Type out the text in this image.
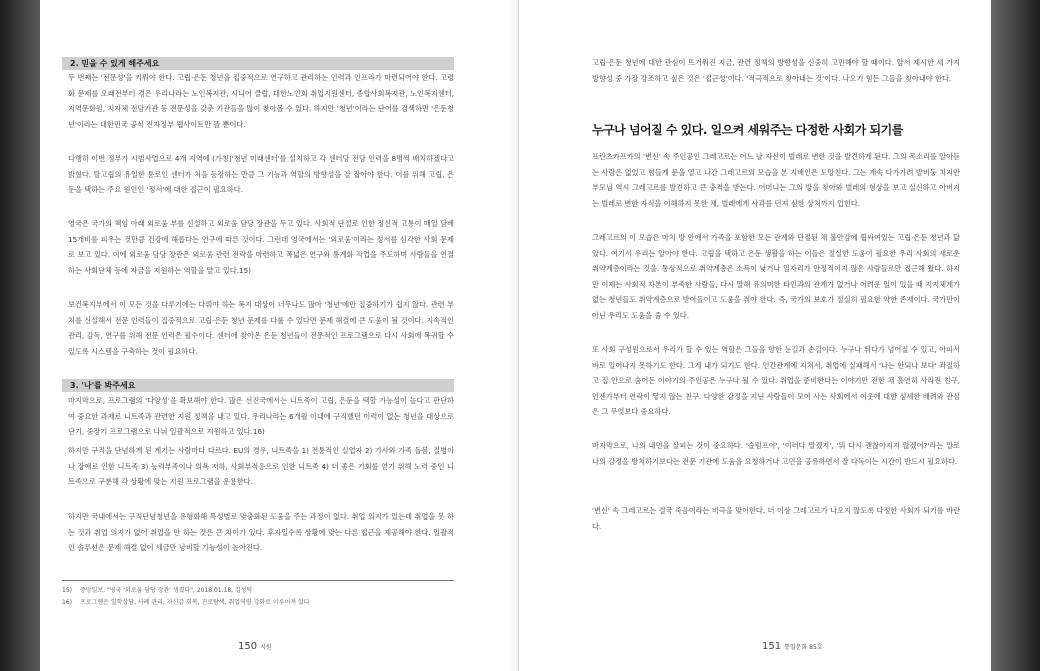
2. 믿을 수 있게 해주세요

두 번째는 '전문성'을 키워야 한다. 고립·은둔 청년을 집중적으로 연구하고 관리하는 인력과 인프라가 마련되어야 한다. 고령화 문제를 오래전부터 겪은 우리나라는 노인복지관, 시니어 클럽, 대한노인회 취업지원센터, 종합사회복지관, 노인복지센터, 지역문화원, 지자체 전담기관 등 전문성을 갖춘 기관들을 많이 찾아볼 수 있다. 하지만 '청년'이라는 단어를 검색하면 '은둔청년'이라는 대한민국 공식 전자정부 웹사이트만 뜰 뿐이다.

다행히 이번 정부가 시범사업으로 4개 지역에 (가칭)'청년 미래센터'를 설치하고 각 센터당 전담 인력을 8명씩 배치하겠다고 밝혔다. 탈고립의 유일한 통로인 센터가 처음 등장하는 만큼 그 기능과 역할의 방향성을 잘 잡아야 한다. 이를 위해 고립, 은둔을 택하는 주요 원인인 '정서'에 대한 접근이 필요하다.

영국은 국가의 책임 아래 외로움 부를 신설하고 외로움 담당 장관을 두고 있다. 사회적 단절로 인한 정신적 고통이 매일 담배 15개비를 피우는 것만큼 건강에 해롭다는 연구에 따른 것이다. 그런데 영국에서는 '외로움'이라는 정서를 심각한 사회 문제로 보고 있다. 이에 외로움 담당 장관은 외로움 관련 전략을 마련하고 폭넓은 연구와 통계화 작업을 주도하며 사람들을 연결하는 사회단체 등에 자금을 지원하는 역할을 맡고 있다.15)

보건복지부에서 이 모든 것을 다루기에는 다뤄야 하는 복지 대상이 너무나도 많아 '청년'에만 집중하기가 쉽지 않다. 관련 부처를 신설해서 전문 인력들이 집중적으로 고립·은둔 청년 문제를 다룰 수 있다면 문제 해결에 큰 도움이 될 것이다. 지속적인 관리, 감독, 연구를 위해 전문 인력은 필수이다. 센터에 찾아온 은둔 청년들이 전문적인 프로그램으로 다시 사회에 복귀할 수 있도록 시스템을 구축하는 것이 필요하다.

3. '나'를 봐주세요

마지막으로, 프로그램의 '다양성'을 확보해야 한다. 많은 선진국에서는 니트족이 고립, 은둔을 택할 가능성이 높다고 판단하여 중요한 과제로 니트족과 관련한 지원 정책을 내고 있다. 우리나라는 6개월 이내에 구직했던 이력이 없는 청년을 대상으로 단기, 중장기 프로그램으로 나눠 일괄적으로 지원하고 있다.16)

하지만 구직을 단념하게 된 계기는 사람마다 다르다. EU의 경우, 니트족을 1) 전통적인 실업자 2) 가사와 가족 돌봄, 질병이나 장애로 인한 니트족 3) 능력부족이나 의욕 저하, 사회부적응으로 인한 니트족 4) 더 좋은 기회를 얻기 위해 노력 중인 니트족으로 구분해 각 상황에 맞는 지원 프로그램을 운용한다.

하지만 국내에서는 구직단념청년을 유형화해 특성별로 맞춤화된 도움을 주는 과정이 없다. 취업 의지가 있는데 취업을 못 하는 것과 취업 의지가 없어 취업을 안 하는 것은 큰 차이가 있다. 후자일수록 상황에 맞는 다른 접근을 제공해야 한다. 일괄적인 솔루션은 문제 해결 없이 세금만 낭비할 가능성이 높아진다.

15) 중앙일보, "영국 '외로움 담당 장관' 생겼다", 2018.01.18, 김성탁
16) 프로그램은 일학상담, 사례 관리, 자신감 회복, 진로탐색, 취업역량 강화로 이루어져 있다
150 시원

고립·은둔 청년에 대한 관심이 뜨거워진 지금, 관련 정책의 방향성을 신중히 고민해야 할 때이다. 앞서 제시한 세 가지 방향성 중 가장 강조하고 싶은 것은 '접근성'이다. '적극적으로 찾아내는 것'이다. 나오기 힘든 그들을 찾아내야 한다.

누구나 넘어질 수 있다. 일으켜 세워주는 다정한 사회가 되기를

프란츠카프카의 '변신' 속 주인공인 그레고르는 어느 날 자신이 벌레로 변한 것을 발견하게 된다. 그의 목소리를 알아듣는 사람은 없었고 힘들게 문을 열고 나간 그레고르의 모습을 본 지배인은 도망친다. 그는 계속 다가가려 발버둥 치지만 부모님 역시 그레고르를 발견하고 큰 충격을 받는다. 어머니는 그의 방을 찾아와 벌레의 형상을 보고 실신하고 아버지는 벌레로 변한 자식을 이해하지 못한 채, 벌레에게 사과를 던져 심한 상처까지 입힌다.

그레고르의 이 모습은 마치 방 안에서 가족을 포함한 모든 관계와 단절된 채 불안감에 휩싸여있는 고립·은둔 청년과 닮았다. 여기서 우리는 알아야 한다. 고립을 택하고 은둔 생활을 하는 이들은 절실한 도움이 필요한 우리 사회의 새로운 취약계층이라는 것을. 통상적으로 취약계층은 소득이 낮거나 일자리가 안정적이지 않은 사람들로만 접근해 왔다. 하지만 이제는 사회적 자본이 부족한 사람들, 다시 말해 유의미한 타인과의 관계가 없거나 어려운 일이 있을 때 지지체계가 없는 청년들도 취약계층으로 받아들이고 도움을 줘야 한다. 즉, 국가의 보호가 절실히 필요한 약한 존재이다. 국가만이 아닌 우리도 도움을 줄 수 있다.

또 사회 구성원으로서 우리가 할 수 있는 역할은 그들을 향한 눈길과 손길이다. 누구나 뛰다가 넘어질 수 있고, 아파서 바로 일어나지 못하기도 한다. 그게 내가 되기도 한다. 인간관계에 지쳐서, 취업에 실패해서 '나는 안되나 보다' 좌절하고 집 안으로 숨어든 이야기의 주인공은 누구나 될 수 있다. 취업을 준비한다는 이야기만 전한 채 홀연히 사라진 친구, 언젠가부터 연락이 닿지 않는 친구. 다양한 감정을 지닌 사람들이 모여 사는 사회에서 이웃에 대한 섬세한 배려와 관심은 그 무엇보다 중요하다.

마지막으로, 나의 내면을 살피는 것이 중요하다. '슬럼프야', '이러다 말겠지', '뭐 다시 괜찮아지지 않겠어?'라는 말로 나의 감정을 방치하기보다는 전문 기관에 도움을 요청하거나 고민을 공유하면서 잘 다독이는 시간이 반드시 필요하다.

'변신' 속 그레고르는 결국 죽음이라는 비극을 맞이한다. 더 이상 그레고르가 나오지 않도록 다정한 사회가 되기를 바란다.

151 통일문화 85호
